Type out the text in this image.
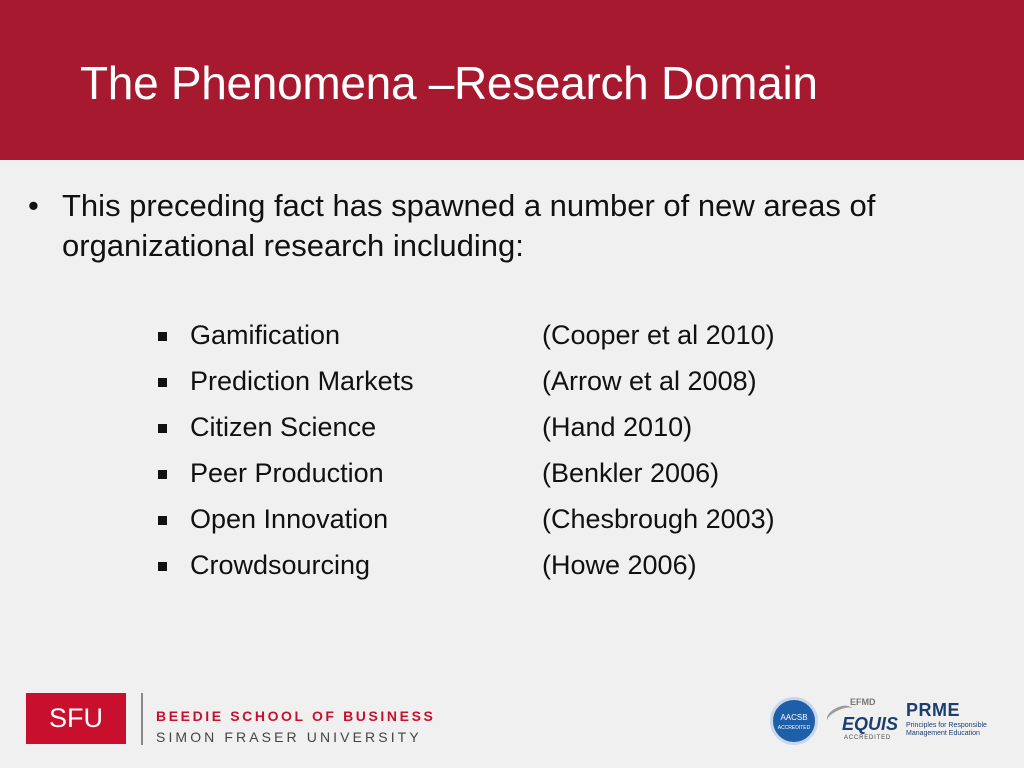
The Phenomena –Research Domain
• This preceding fact has spawned a number of new areas of organizational research including:
Gamification	(Cooper et al 2010)
Prediction Markets	(Arrow et al 2008)
Citizen Science	(Hand 2010)
Peer Production	(Benkler 2006)
Open Innovation	(Chesbrough 2003)
Crowdsourcing	(Howe 2006)
SFU	BEEDIE SCHOOL OF BUSINESS
SIMON FRASER UNIVERSITY
AACSB
ACCREDITED
EFMD
EQUIS
ACCREDITED
PRME
Principles for Responsible Management Education
